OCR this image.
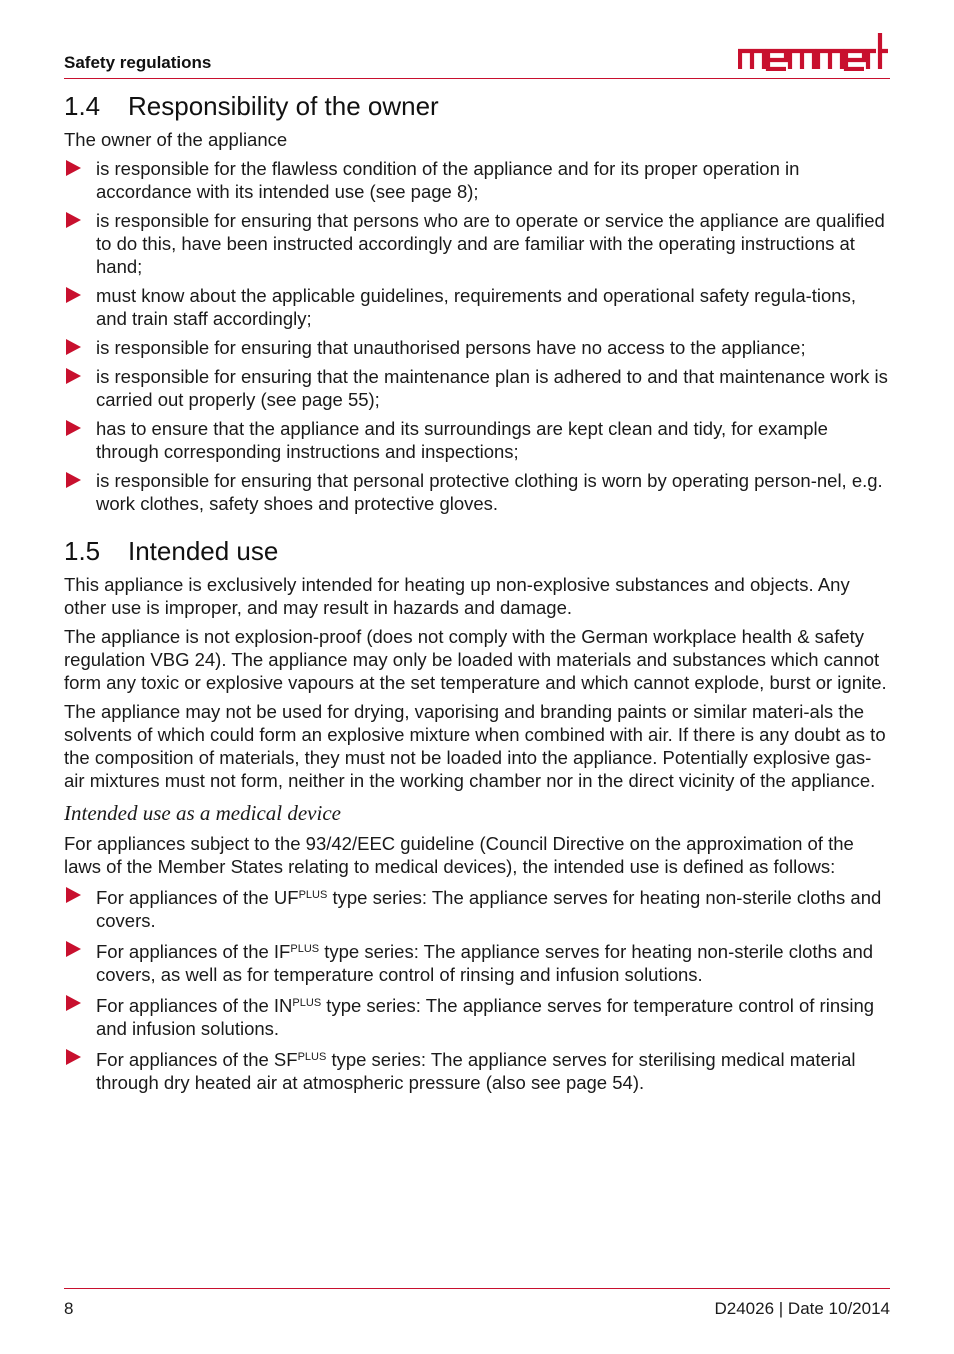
Safety regulations
1.4 Responsibility of the owner

The owner of the appliance

is responsible for the flawless condition of the appliance and for its proper operation in accordance with its intended use (see page 8);
is responsible for ensuring that persons who are to operate or service the appliance are qualified to do this, have been instructed accordingly and are familiar with the operating instructions at hand;
must know about the applicable guidelines, requirements and operational safety regula-tions, and train staff accordingly;
is responsible for ensuring that unauthorised persons have no access to the appliance;
is responsible for ensuring that the maintenance plan is adhered to and that maintenance work is carried out properly (see page 55);
has to ensure that the appliance and its surroundings are kept clean and tidy, for example through corresponding instructions and inspections;
is responsible for ensuring that personal protective clothing is worn by operating person-nel, e.g. work clothes, safety shoes and protective gloves.
1.5 Intended use

This appliance is exclusively intended for heating up non-explosive substances and objects. Any other use is improper, and may result in hazards and damage.

The appliance is not explosion-proof (does not comply with the German workplace health & safety regulation VBG 24). The appliance may only be loaded with materials and substances which cannot form any toxic or explosive vapours at the set temperature and which cannot explode, burst or ignite.

The appliance may not be used for drying, vaporising and branding paints or similar materi-als the solvents of which could form an explosive mixture when combined with air. If there is any doubt as to the composition of materials, they must not be loaded into the appliance. Potentially explosive gas-air mixtures must not form, neither in the working chamber nor in the direct vicinity of the appliance.

Intended use as a medical device

For appliances subject to the 93/42/EEC guideline (Council Directive on the approximation of the laws of the Member States relating to medical devices), the intended use is defined as follows:

For appliances of the $UF^{PLUS}$ type series: The appliance serves for heating non-sterile cloths and covers.
For appliances of the $IF^{PLUS}$ type series: The appliance serves for heating non-sterile cloths and covers, as well as for temperature control of rinsing and infusion solutions.
For appliances of the $IN^{PLUS}$ type series: The appliance serves for temperature control of rinsing and infusion solutions.
For appliances of the $SF^{PLUS}$ type series: The appliance serves for sterilising medical material through dry heated air at atmospheric pressure (also see page 54).
8	D24026 | Date 10/2014
